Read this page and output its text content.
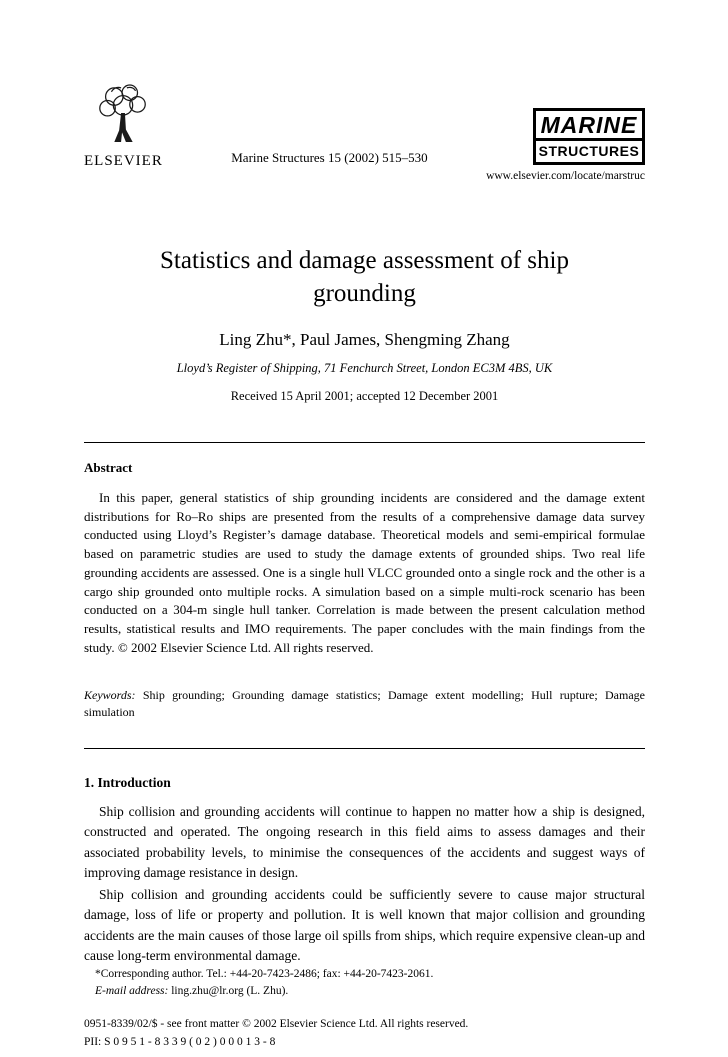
ELSEVIER	Marine Structures 15 (2002) 515–530
MARINE
STRUCTURES
www.elsevier.com/locate/marstruc
Statistics and damage assessment of ship
grounding
Ling Zhu*, Paul James, Shengming Zhang
Lloyd’s Register of Shipping, 71 Fenchurch Street, London EC3M 4BS, UK
Received 15 April 2001; accepted 12 December 2001
Abstract

In this paper, general statistics of ship grounding incidents are considered and the damage extent distributions for Ro–Ro ships are presented from the results of a comprehensive damage data survey conducted using Lloyd’s Register’s damage database. Theoretical models and semi-empirical formulae based on parametric studies are used to study the damage extents of grounded ships. Two real life grounding accidents are assessed. One is a single hull VLCC grounded onto a single rock and the other is a cargo ship grounded onto multiple rocks. A simulation based on a simple multi-rock scenario has been conducted on a 304-m single hull tanker. Correlation is made between the present calculation method results, statistical results and IMO requirements. The paper concludes with the main findings from the study. © 2002 Elsevier Science Ltd. All rights reserved.

Keywords: Ship grounding; Grounding damage statistics; Damage extent modelling; Hull rupture; Damage simulation

1. Introduction

Ship collision and grounding accidents will continue to happen no matter how a ship is designed, constructed and operated. The ongoing research in this field aims to assess damages and their associated probability levels, to minimise the consequences of the accidents and suggest ways of improving damage resistance in design.

Ship collision and grounding accidents could be sufficiently severe to cause major structural damage, loss of life or property and pollution. It is well known that major collision and grounding accidents are the main causes of those large oil spills from ships, which require expensive clean-up and cause long-term environmental damage.

*Corresponding author. Tel.: +44-20-7423-2486; fax: +44-20-7423-2061.
E-mail address: ling.zhu@lr.org (L. Zhu).
0951-8339/02/$ - see front matter © 2002 Elsevier Science Ltd. All rights reserved.
PII: S 0 9 5 1 - 8 3 3 9 ( 0 2 ) 0 0 0 1 3 - 8
